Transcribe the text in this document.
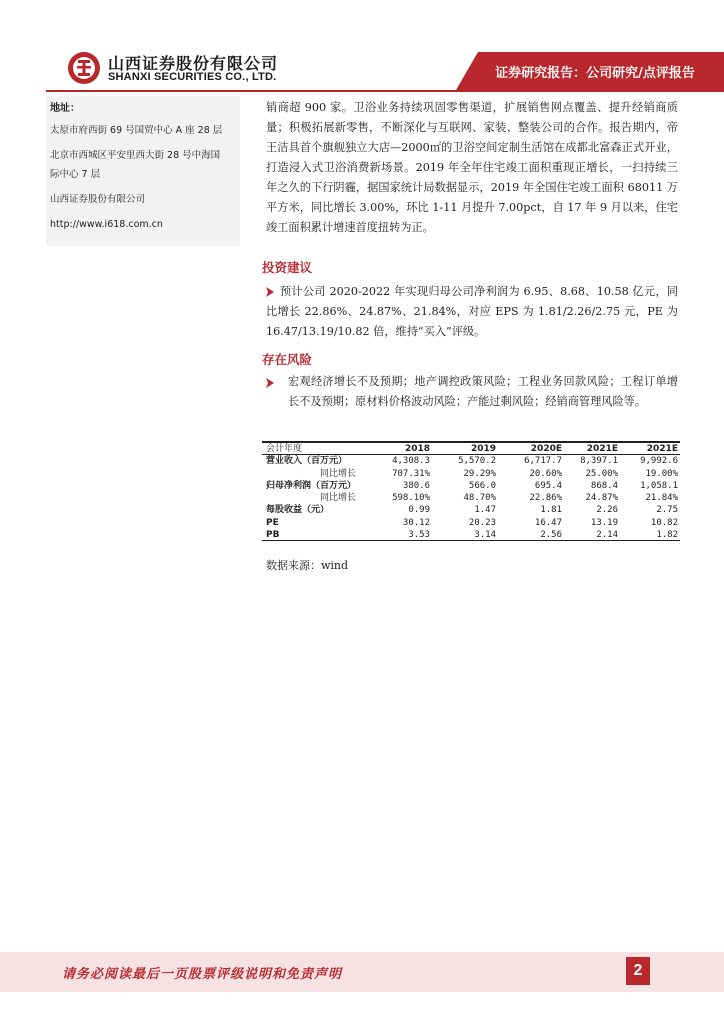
山西证券股份有限公司
SHANXI SECURITIES CO., LTD.	证券研究报告：公司研究/点评报告
地址：
太原市府西街 69 号国贸中心 A 座 28 层
北京市西城区平安里西大街 28 号中海国
际中心 7 层
山西证券股份有限公司
http://www.i618.com.cn
销商超 900 家。卫浴业务持续巩固零售渠道，扩展销售网点覆盖、提升经销商质量；积极拓展新零售，不断深化与互联网、家装、整装公司的合作。报告期内，帝王洁具首个旗舰独立大店—2000㎡的卫浴空间定制生活馆在成都北富森正式开业，打造浸入式卫浴消费新场景。2019 年全年住宅竣工面积重现正增长，一扫持续三年之久的下行阴霾，据国家统计局数据显示，2019 年全国住宅竣工面积 68011 万平方米，同比增长 3.00%，环比 1-11 月提升 7.00pct，自 17 年 9 月以来，住宅竣工面积累计增速首度扭转为正。
投资建议
预计公司 2020-2022 年实现归母公司净利润为 6.95、8.68、10.58 亿元，同比增长 22.86%、24.87%、21.84%，对应 EPS 为 1.81/2.26/2.75 元，PE 为 16.47/13.19/10.82 倍，维持“买入”评级。
存在风险
宏观经济增长不及预期；地产调控政策风险；工程业务回款风险；工程订单增长不及预期；原材料价格波动风险；产能过剩风险；经销商管理风险等。
会计年度	2018	2019	2020E	2021E	2021E
营业收入（百万元）	4,308.3	5,570.2	6,717.7	8,397.1	9,992.6
同比增长	707.31%	29.29%	20.60%	25.00%	19.00%
归母净利润（百万元）	380.6	566.0	695.4	868.4	1,058.1
同比增长	598.10%	48.70%	22.86%	24.87%	21.84%
每股收益（元）	0.99	1.47	1.81	2.26	2.75
PE	30.12	20.23	16.47	13.19	10.82
PB	3.53	3.14	2.56	2.14	1.82
数据来源：wind
请务必阅读最后一页股票评级说明和免责声明	2
